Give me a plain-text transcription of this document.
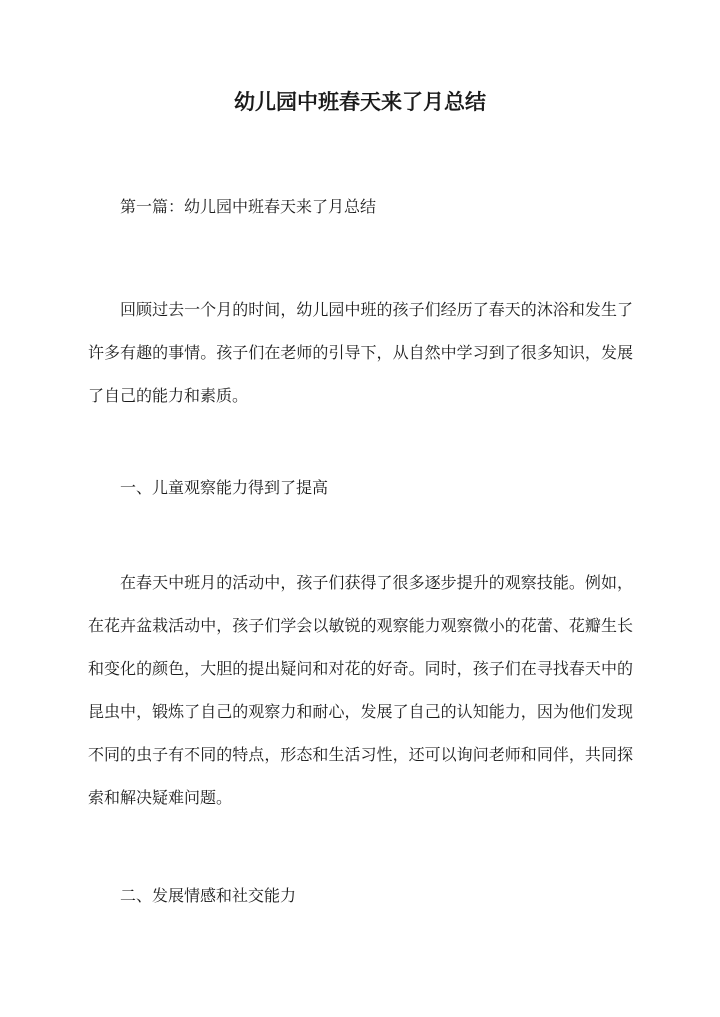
幼儿园中班春天来了月总结

第一篇：幼儿园中班春天来了月总结

回顾过去一个月的时间，幼儿园中班的孩子们经历了春天的沐浴和发生了许多有趣的事情。孩子们在老师的引导下，从自然中学习到了很多知识，发展了自己的能力和素质。

一、儿童观察能力得到了提高

在春天中班月的活动中，孩子们获得了很多逐步提升的观察技能。例如，在花卉盆栽活动中，孩子们学会以敏锐的观察能力观察微小的花蕾、花瓣生长和变化的颜色，大胆的提出疑问和对花的好奇。同时，孩子们在寻找春天中的昆虫中，锻炼了自己的观察力和耐心，发展了自己的认知能力，因为他们发现不同的虫子有不同的特点，形态和生活习性，还可以询问老师和同伴，共同探索和解决疑难问题。

二、发展情感和社交能力
